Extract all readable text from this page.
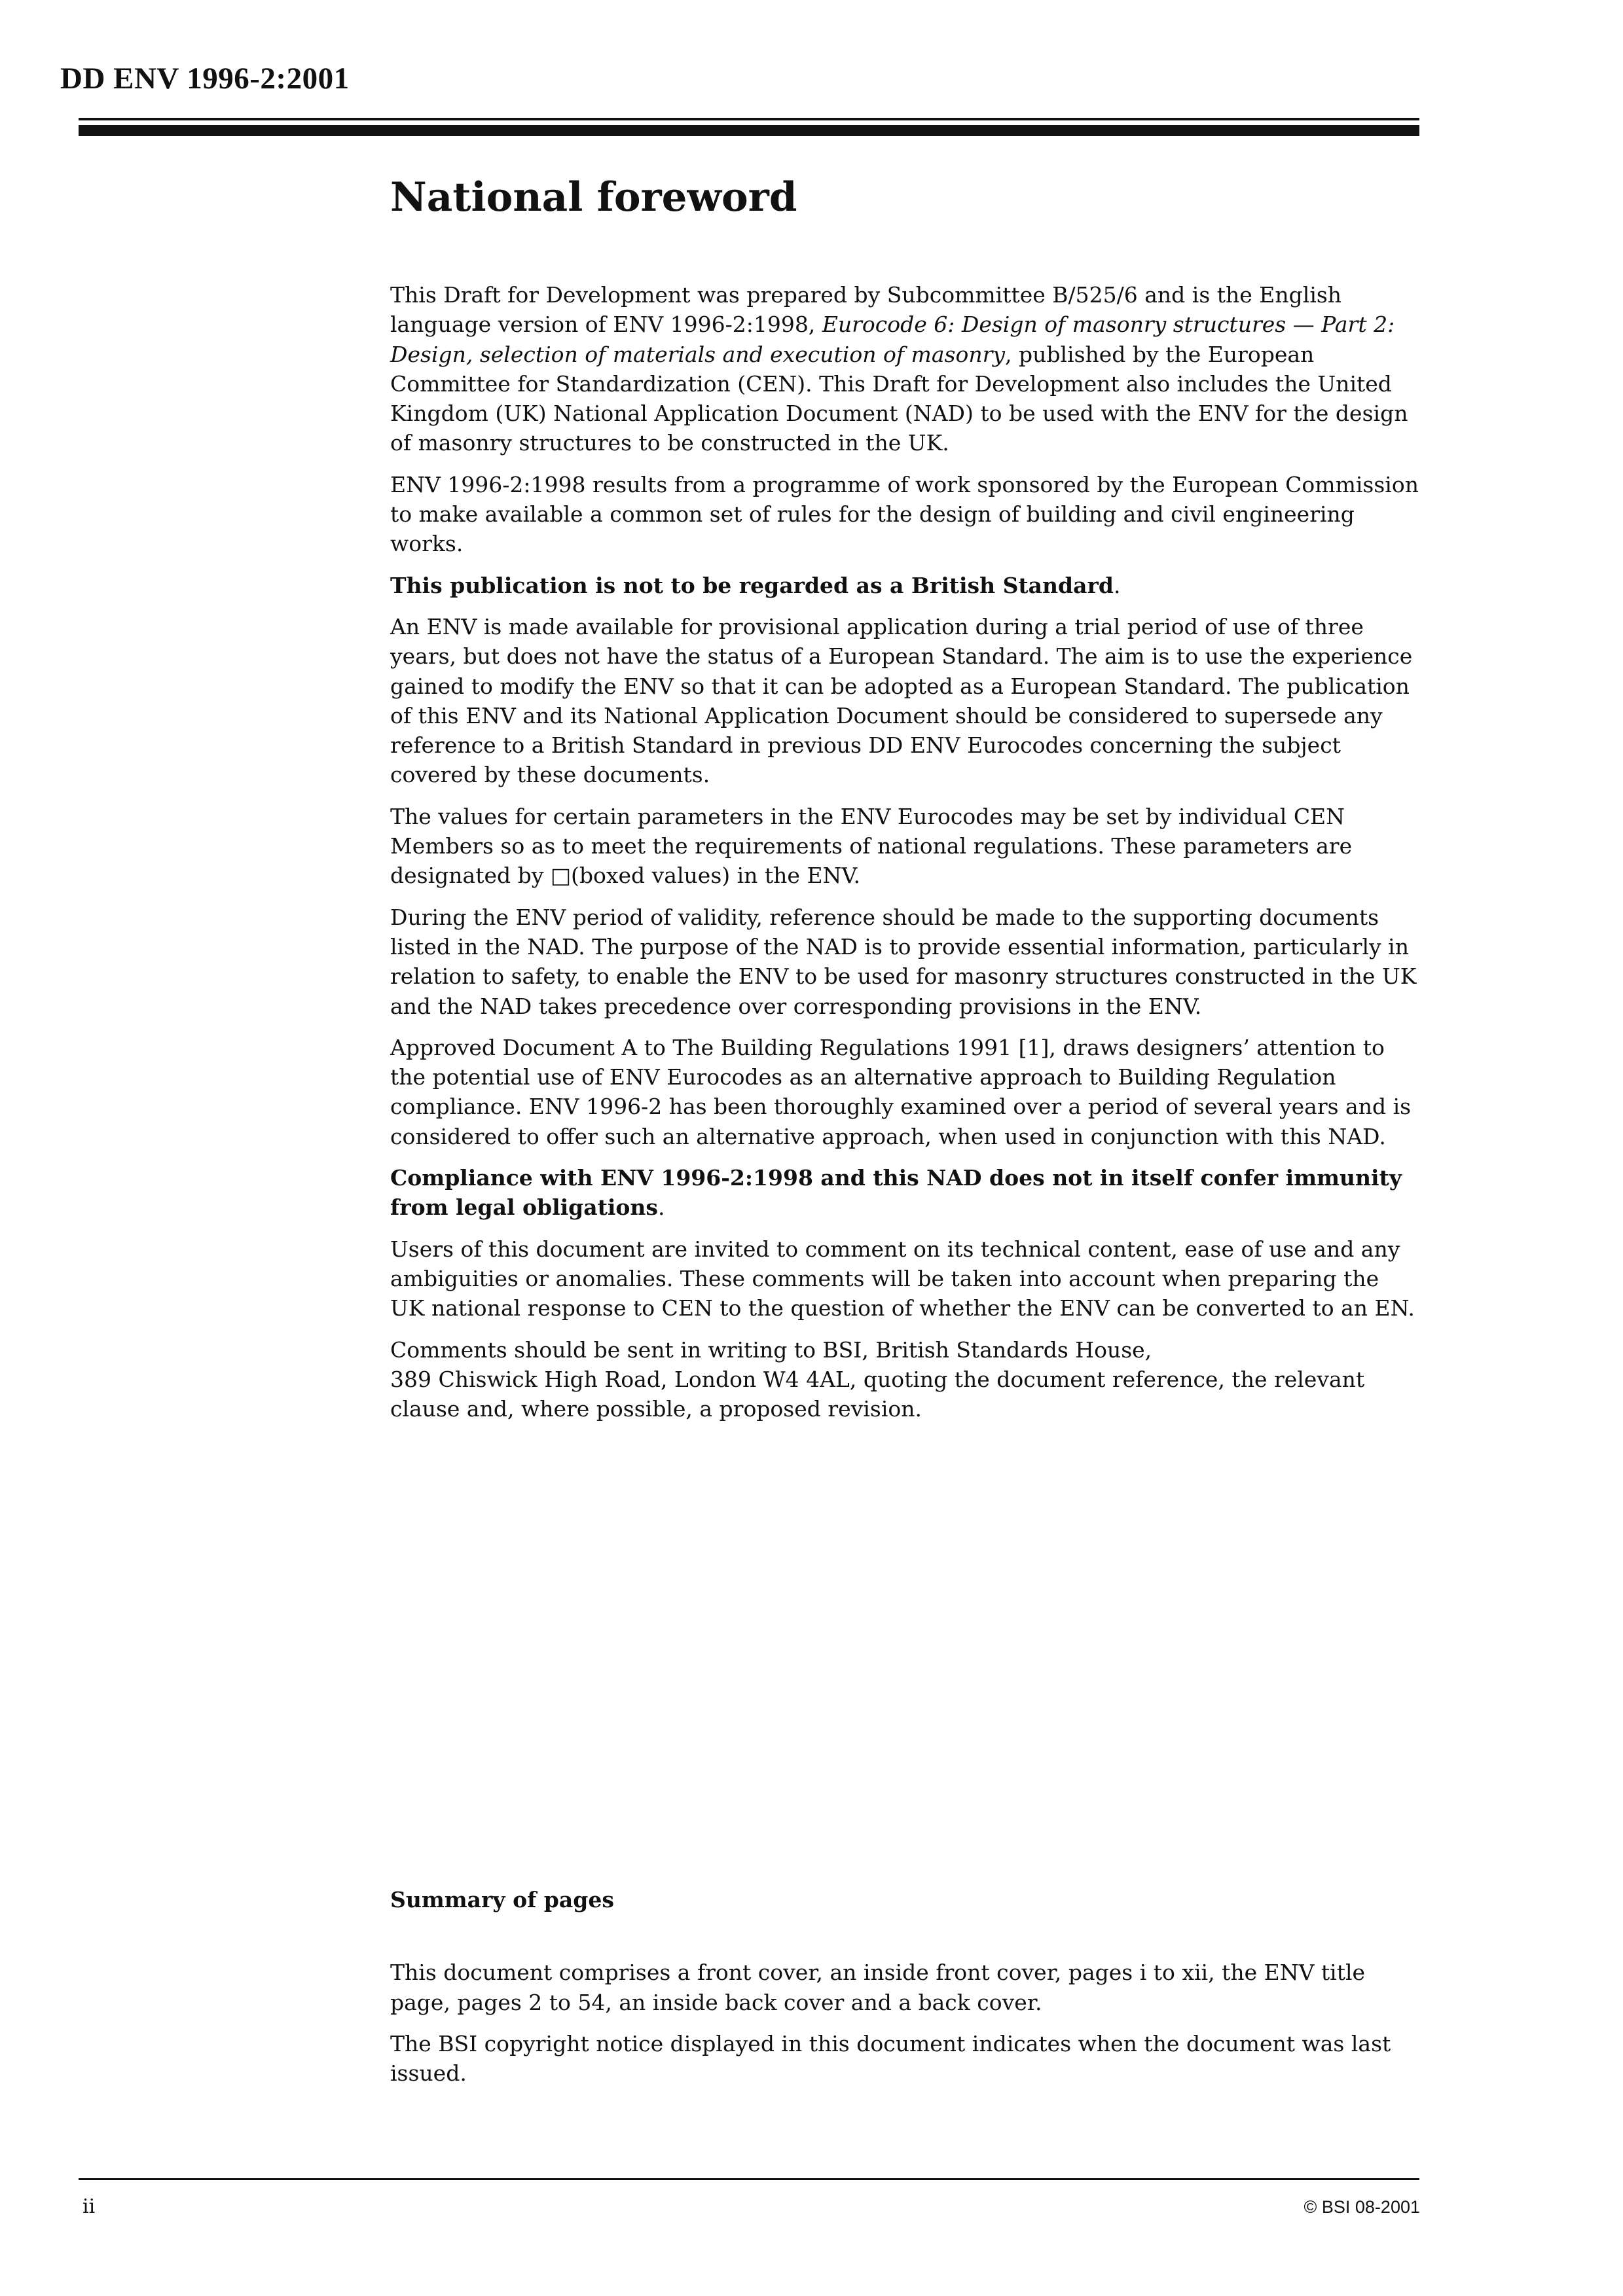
DD ENV 1996-2:2001
National foreword

This Draft for Development was prepared by Subcommittee B/525/6 and is the English language version of ENV 1996-2:1998, Eurocode 6: Design of masonry structures — Part 2: Design, selection of materials and execution of masonry, published by the European Committee for Standardization (CEN). This Draft for Development also includes the United Kingdom (UK) National Application Document (NAD) to be used with the ENV for the design of masonry structures to be constructed in the UK.

ENV 1996-2:1998 results from a programme of work sponsored by the European Commission to make available a common set of rules for the design of building and civil engineering works.

This publication is not to be regarded as a British Standard.

An ENV is made available for provisional application during a trial period of use of three years, but does not have the status of a European Standard. The aim is to use the experience gained to modify the ENV so that it can be adopted as a European Standard. The publication of this ENV and its National Application Document should be considered to supersede any reference to a British Standard in previous DD ENV Eurocodes concerning the subject covered by these documents.

The values for certain parameters in the ENV Eurocodes may be set by individual CEN Members so as to meet the requirements of national regulations. These parameters are designated by □(boxed values) in the ENV.

During the ENV period of validity, reference should be made to the supporting documents listed in the NAD. The purpose of the NAD is to provide essential information, particularly in relation to safety, to enable the ENV to be used for masonry structures constructed in the UK and the NAD takes precedence over corresponding provisions in the ENV.

Approved Document A to The Building Regulations 1991 [1], draws designers’ attention to the potential use of ENV Eurocodes as an alternative approach to Building Regulation compliance. ENV 1996-2 has been thoroughly examined over a period of several years and is considered to offer such an alternative approach, when used in conjunction with this NAD.

Compliance with ENV 1996-2:1998 and this NAD does not in itself confer immunity from legal obligations.

Users of this document are invited to comment on its technical content, ease of use and any ambiguities or anomalies. These comments will be taken into account when preparing the UK national response to CEN to the question of whether the ENV can be converted to an EN.

Comments should be sent in writing to BSI, British Standards House,
389 Chiswick High Road, London W4 4AL, quoting the document reference, the relevant clause and, where possible, a proposed revision.

Summary of pages

This document comprises a front cover, an inside front cover, pages i to xii, the ENV title page, pages 2 to 54, an inside back cover and a back cover.

The BSI copyright notice displayed in this document indicates when the document was last issued.

ii	© BSI 08-2001
